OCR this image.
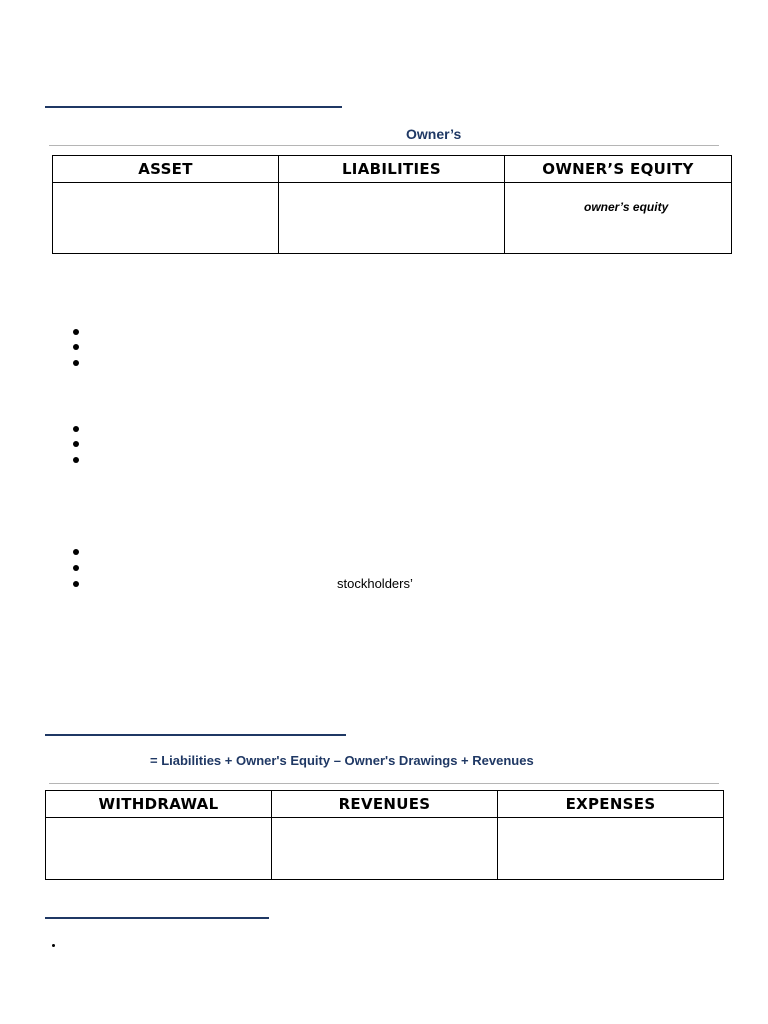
Owner’s
ASSET	LIABILITIES	OWNER’S EQUITY

		owner’s equity
stockholders’
= Liabilities + Owner's Equity – Owner's Drawings + Revenues
WITHDRAWAL	REVENUES	EXPENSES
